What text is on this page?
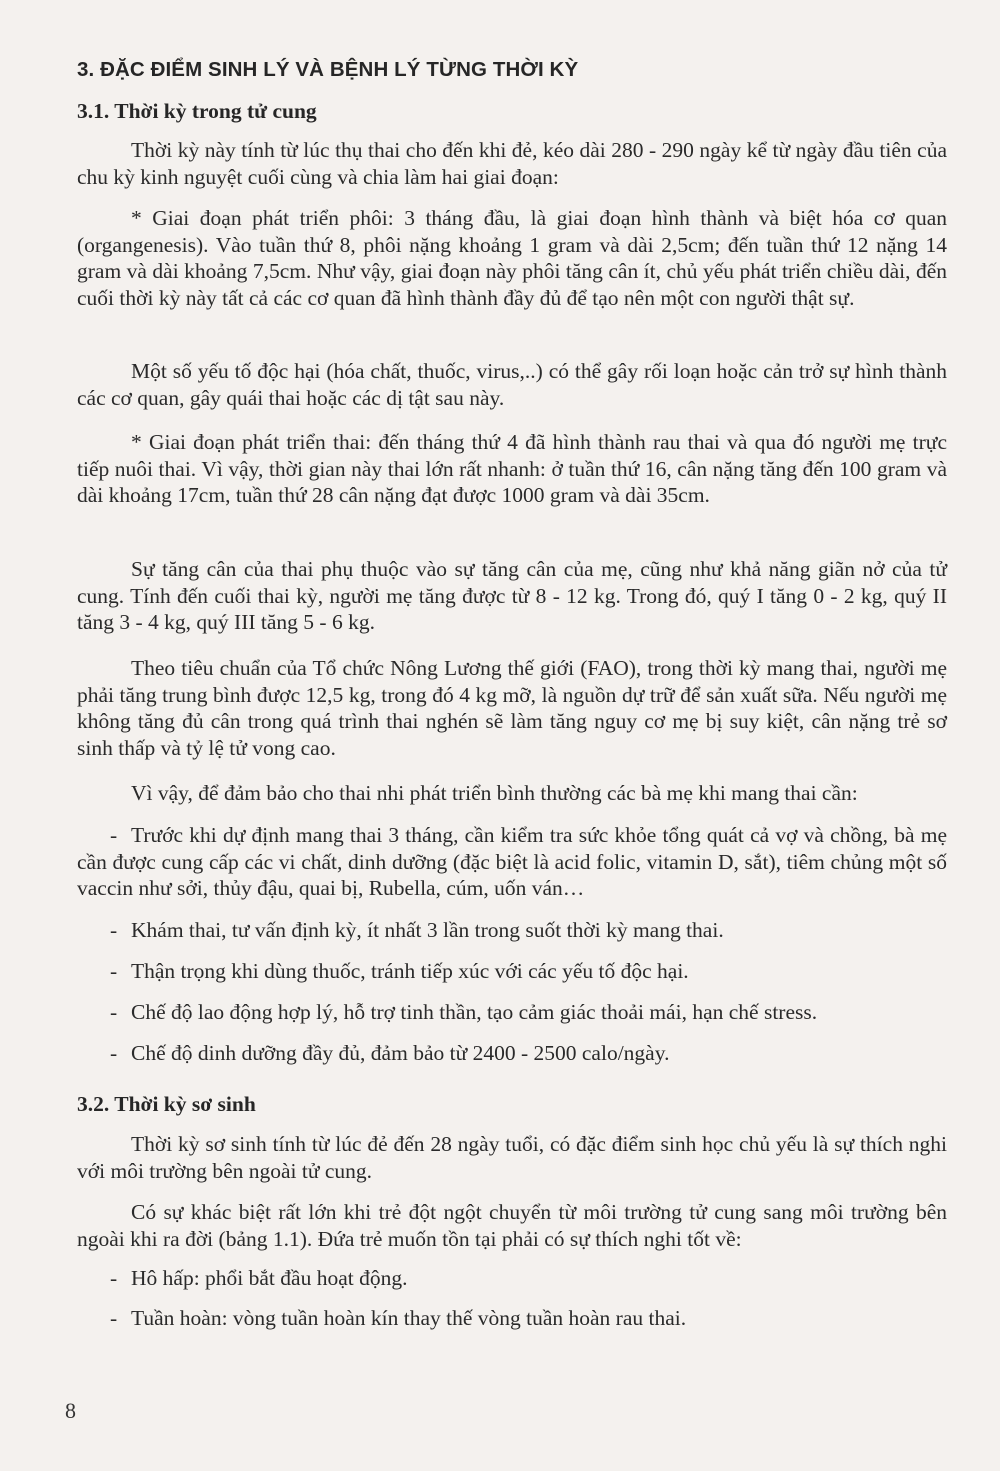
3. ĐẶC ĐIỂM SINH LÝ VÀ BỆNH LÝ TỪNG THỜI KỲ
3.1. Thời kỳ trong tử cung
Thời kỳ này tính từ lúc thụ thai cho đến khi đẻ, kéo dài 280 - 290 ngày kể từ ngày đầu tiên của chu kỳ kinh nguyệt cuối cùng và chia làm hai giai đoạn:
* Giai đoạn phát triển phôi: 3 tháng đầu, là giai đoạn hình thành và biệt hóa cơ quan (organgenesis). Vào tuần thứ 8, phôi nặng khoảng 1 gram và dài 2,5cm; đến tuần thứ 12 nặng 14 gram và dài khoảng 7,5cm. Như vậy, giai đoạn này phôi tăng cân ít, chủ yếu phát triển chiều dài, đến cuối thời kỳ này tất cả các cơ quan đã hình thành đầy đủ để tạo nên một con người thật sự.
Một số yếu tố độc hại (hóa chất, thuốc, virus,..) có thể gây rối loạn hoặc cản trở sự hình thành các cơ quan, gây quái thai hoặc các dị tật sau này.
* Giai đoạn phát triển thai: đến tháng thứ 4 đã hình thành rau thai và qua đó người mẹ trực tiếp nuôi thai. Vì vậy, thời gian này thai lớn rất nhanh: ở tuần thứ 16, cân nặng tăng đến 100 gram và dài khoảng 17cm, tuần thứ 28 cân nặng đạt được 1000 gram và dài 35cm.
Sự tăng cân của thai phụ thuộc vào sự tăng cân của mẹ, cũng như khả năng giãn nở của tử cung. Tính đến cuối thai kỳ, người mẹ tăng được từ 8 - 12 kg. Trong đó, quý I tăng 0 - 2 kg, quý II tăng 3 - 4 kg, quý III tăng 5 - 6 kg.
Theo tiêu chuẩn của Tổ chức Nông Lương thế giới (FAO), trong thời kỳ mang thai, người mẹ phải tăng trung bình được 12,5 kg, trong đó 4 kg mỡ, là nguồn dự trữ để sản xuất sữa. Nếu người mẹ không tăng đủ cân trong quá trình thai nghén sẽ làm tăng nguy cơ mẹ bị suy kiệt, cân nặng trẻ sơ sinh thấp và tỷ lệ tử vong cao.
Vì vậy, để đảm bảo cho thai nhi phát triển bình thường các bà mẹ khi mang thai cần:
- Trước khi dự định mang thai 3 tháng, cần kiểm tra sức khỏe tổng quát cả vợ và chồng, bà mẹ cần được cung cấp các vi chất, dinh dưỡng (đặc biệt là acid folic, vitamin D, sắt), tiêm chủng một số vaccin như sởi, thủy đậu, quai bị, Rubella, cúm, uốn ván…
- Khám thai, tư vấn định kỳ, ít nhất 3 lần trong suốt thời kỳ mang thai.
- Thận trọng khi dùng thuốc, tránh tiếp xúc với các yếu tố độc hại.
- Chế độ lao động hợp lý, hỗ trợ tinh thần, tạo cảm giác thoải mái, hạn chế stress.
- Chế độ dinh dưỡng đầy đủ, đảm bảo từ 2400 - 2500 calo/ngày.
3.2. Thời kỳ sơ sinh
Thời kỳ sơ sinh tính từ lúc đẻ đến 28 ngày tuổi, có đặc điểm sinh học chủ yếu là sự thích nghi với môi trường bên ngoài tử cung.
Có sự khác biệt rất lớn khi trẻ đột ngột chuyển từ môi trường tử cung sang môi trường bên ngoài khi ra đời (bảng 1.1). Đứa trẻ muốn tồn tại phải có sự thích nghi tốt về:
- Hô hấp: phổi bắt đầu hoạt động.
- Tuần hoàn: vòng tuần hoàn kín thay thế vòng tuần hoàn rau thai.
8
